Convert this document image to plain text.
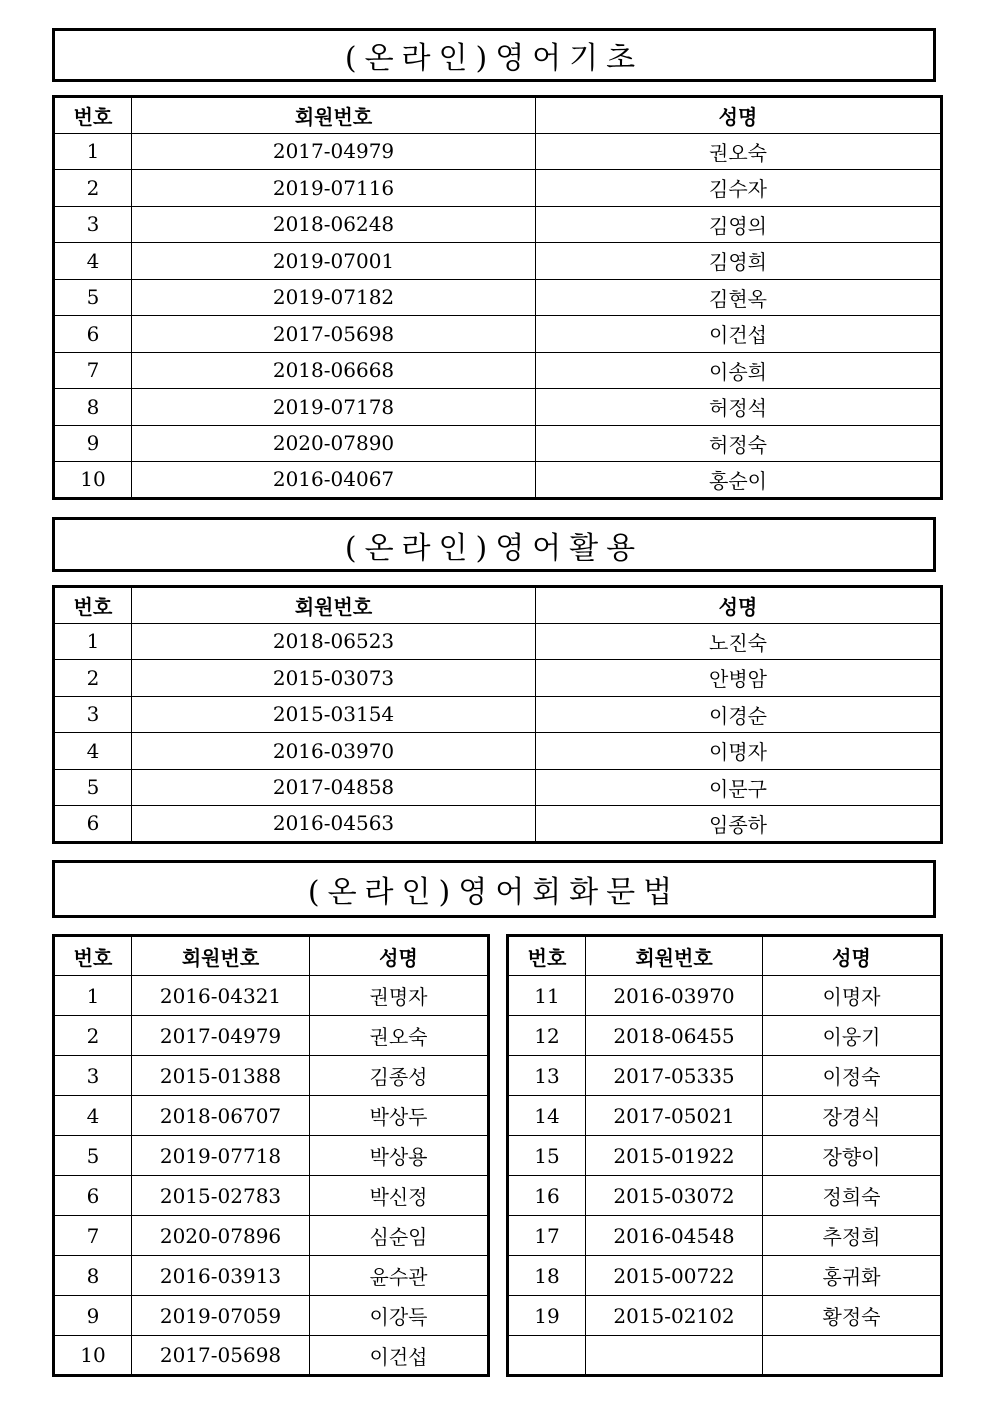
(온라인)영어기초
번호	회원번호	성명
1	2017-04979	권오숙
2	2019-07116	김수자
3	2018-06248	김영의
4	2019-07001	김영희
5	2019-07182	김현옥
6	2017-05698	이건섭
7	2018-06668	이송희
8	2019-07178	허정석
9	2020-07890	허정숙
10	2016-04067	홍순이
(온라인)영어활용
번호	회원번호	성명
1	2018-06523	노진숙
2	2015-03073	안병암
3	2015-03154	이경순
4	2016-03970	이명자
5	2017-04858	이문구
6	2016-04563	임종하
(온라인)영어회화문법
번호	회원번호	성명
1	2016-04321	권명자
2	2017-04979	권오숙
3	2015-01388	김종성
4	2018-06707	박상두
5	2019-07718	박상용
6	2015-02783	박신정
7	2020-07896	심순임
8	2016-03913	윤수관
9	2019-07059	이강득
10	2017-05698	이건섭
번호	회원번호	성명
11	2016-03970	이명자
12	2018-06455	이웅기
13	2017-05335	이정숙
14	2017-05021	장경식
15	2015-01922	장향이
16	2015-03072	정희숙
17	2016-04548	추정희
18	2015-00722	홍귀화
19	2015-02102	황정숙
